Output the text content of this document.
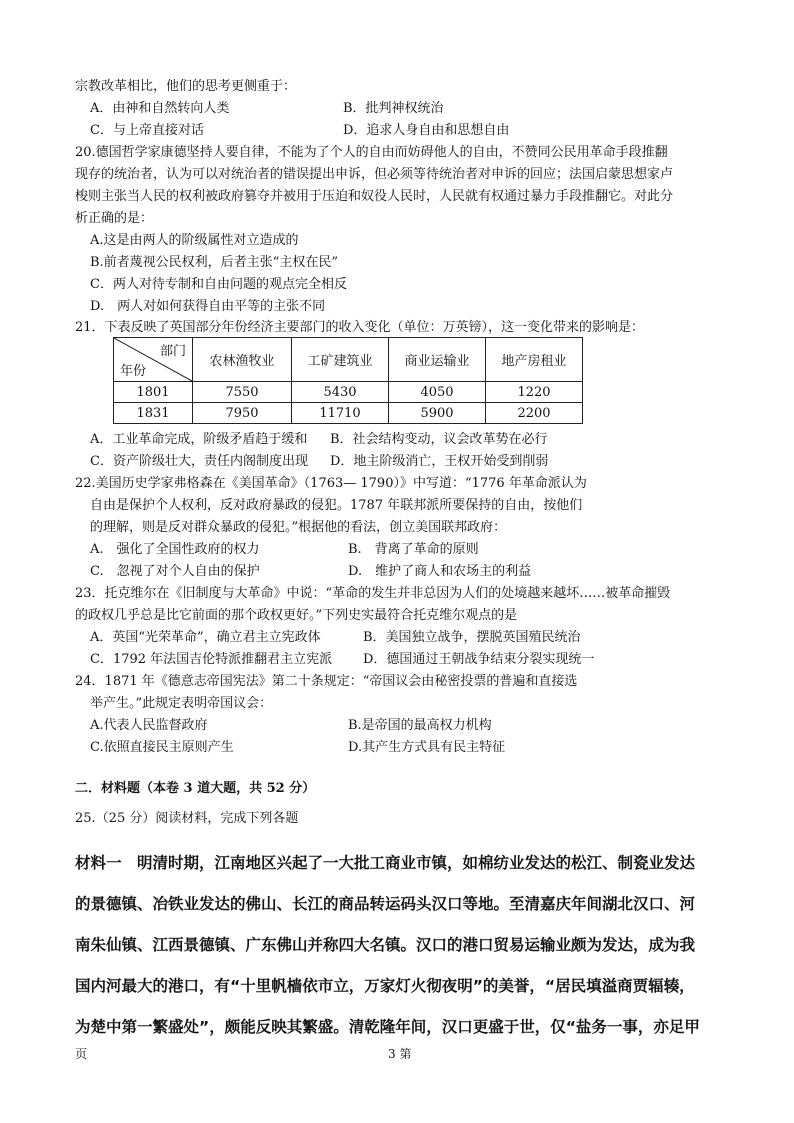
宗教改革相比，他们的思考更侧重于：
A．由神和自然转向人类	B．批判神权统治
C．与上帝直接对话	D．追求人身自由和思想自由
20.德国哲学家康德坚持人要自律，不能为了个人的自由而妨碍他人的自由，不赞同公民用革命手段推翻
现存的统治者，认为可以对统治者的错误提出申诉，但必须等待统治者对申诉的回应；法国启蒙思想家卢
梭则主张当人民的权利被政府篡夺并被用于压迫和奴役人民时，人民就有权通过暴力手段推翻它。对此分
析正确的是：
A.这是由两人的阶级属性对立造成的
B.前者蔑视公民权利，后者主张“主权在民”
C．两人对待专制和自由问题的观点完全相反
D.　两人对如何获得自由平等的主张不同
21．下表反映了英国部分年份经济主要部门的收入变化（单位：万英镑），这一变化带来的影响是：
部门
年份	农林渔牧业	工矿建筑业	商业运输业	地产房租业
1801	7550	5430	4050	1220
1831	7950	11710	5900	2200
A．工业革命完成，阶级矛盾趋于缓和 B．社会结构变动，议会改革势在必行
C．资产阶级壮大，责任内阁制度出现 D．地主阶级消亡，王权开始受到削弱
22.美国历史学家弗格森在《美国革命》（1763— 1790）》中写道：“1776 年革命派认为
自由是保护个人权利，反对政府暴政的侵犯。1787 年联邦派所要保持的自由，按他们
的理解，则是反对群众暴政的侵犯。”根据他的看法，创立美国联邦政府：
A.　强化了全国性政府的权力	B.　背离了革命的原则
C.　忽视了对个人自由的保护	D.　维护了商人和农场主的利益
23．托克维尔在《旧制度与大革命》中说：“革命的发生并非总因为人们的处境越来越坏……被革命摧毁
的政权几乎总是比它前面的那个政权更好。”下列史实最符合托克维尔观点的是
A．英国“光荣革命”，确立君主立宪政体	B．美国独立战争，摆脱英国殖民统治
C．1792 年法国吉伦特派推翻君主立宪派 D．德国通过王朝战争结束分裂实现统一
24．1871 年《德意志帝国宪法》第二十条规定：“帝国议会由秘密投票的普遍和直接选
举产生。”此规定表明帝国议会：
A.代表人民监督政府	B.是帝国的最高权力机构
C.依照直接民主原则产生	D.其产生方式具有民主特征
二．材料题（本卷 3 道大题，共 52 分）
25.（25 分）阅读材料，完成下列各题
材料一　明清时期，江南地区兴起了一大批工商业市镇，如棉纺业发达的松江、制瓷业发达
的景德镇、冶铁业发达的佛山、长江的商品转运码头汉口等地。至清嘉庆年间湖北汉口、河
南朱仙镇、江西景德镇、广东佛山并称四大名镇。汉口的港口贸易运输业颇为发达，成为我
国内河最大的港口，有“十里帆樯依市立，万家灯火彻夜明”的美誉，“居民填溢商贾辐辏，
为楚中第一繁盛处”，颇能反映其繁盛。清乾隆年间，汉口更盛于世，仅“盐务一事，亦足甲
页	3 第
